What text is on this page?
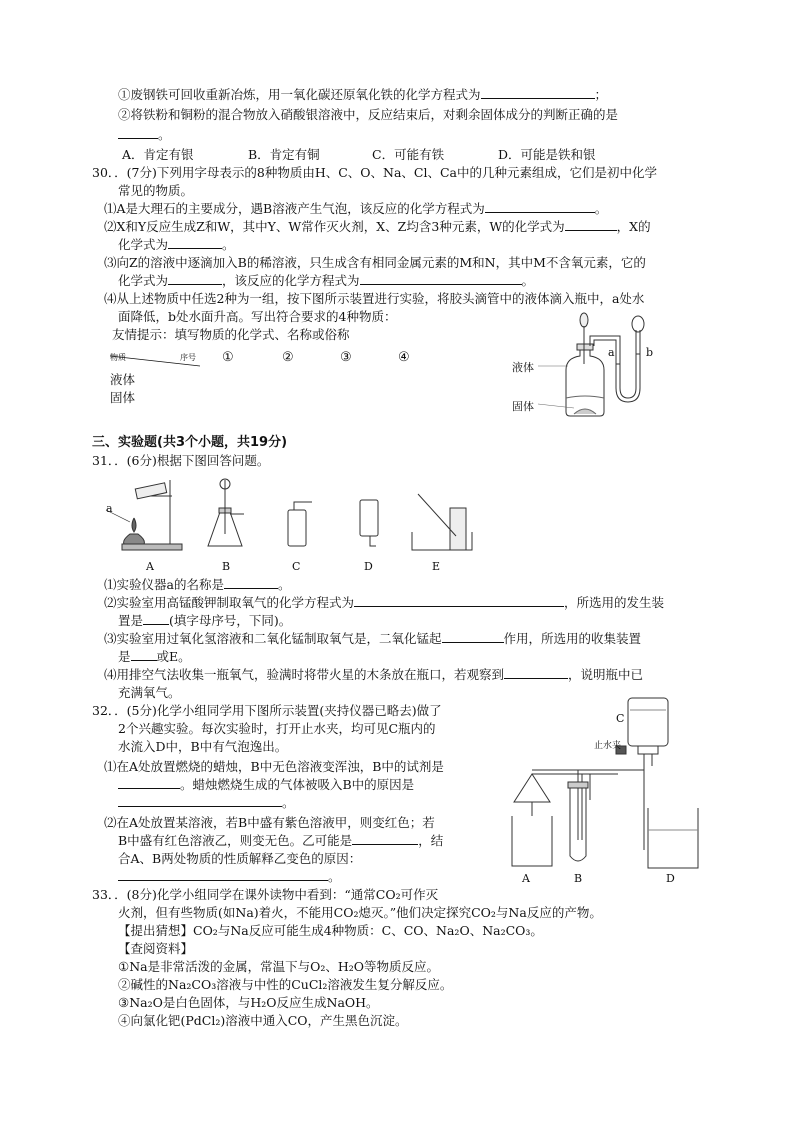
①废钢铁可回收重新冶炼，用一氧化碳还原氧化铁的化学方程式为	；
②将铁粉和铜粉的混合物放入硝酸银溶液中，反应结束后，对剩余固体成分的判断正确的是
。
A．肯定有银	B．肯定有铜	C．可能有铁	D．可能是铁和银
30．．(7分)下列用字母表示的8种物质由H、C、O、Na、Cl、Ca中的几种元素组成，它们是初中化学
常见的物质。
⑴A是大理石的主要成分，遇B溶液产生气泡，该反应的化学方程式为	。
⑵X和Y反应生成Z和W，其中Y、W常作灭火剂，X、Z均含3种元素，W的化学式为	，X的
化学式为	。
⑶向Z的溶液中逐滴加入B的稀溶液，只生成含有相同金属元素的M和N，其中M不含氧元素，它的
化学式为	，该反应的化学方程式为	。
⑷从上述物质中任选2种为一组，按下图所示装置进行实验，将胶头滴管中的液体滴入瓶中，a处水
面降低，b处水面升高。写出符合要求的4种物质：
友情提示：填写物质的化学式、名称或俗称
物质	序号 ①	②	③	④
液体
固体
液体
固体
a	b
三、实验题(共3个小题，共19分)
31．．(6分)根据下图回答问题。
a
A	B	C	D	E
⑴实验仪器a的名称是	。
⑵实验室用高锰酸钾制取氧气的化学方程式为	，所选用的发生装
置是 (填字母序号，下同)。
⑶实验室用过氧化氢溶液和二氧化锰制取氧气是，二氧化锰起	作用，所选用的收集装置
是 或E。
⑷用排空气法收集一瓶氧气，验满时将带火星的木条放在瓶口，若观察到	，说明瓶中已
充满氧气。
32．．(5分)化学小组同学用下图所示装置(夹持仪器已略去)做了
2个兴趣实验。每次实验时，打开止水夹，均可见C瓶内的
水流入D中，B中有气泡逸出。
⑴在A处放置燃烧的蜡烛，B中无色溶液变浑浊，B中的试剂是
。蜡烛燃烧生成的气体被吸入B中的原因是
。
⑵在A处放置某溶液，若B中盛有紫色溶液甲，则变红色；若
B中盛有红色溶液乙，则变无色。乙可能是	，结
合A、B两处物质的性质解释乙变色的原因：
。
C
止水夹
A	B	D
33．．(8分)化学小组同学在课外读物中看到：“通常CO₂可作灭
火剂，但有些物质(如Na)着火，不能用CO₂熄灭。”他们决定探究CO₂与Na反应的产物。
【提出猜想】CO₂与Na反应可能生成4种物质：C、CO、Na₂O、Na₂CO₃。
【查阅资料】
①Na是非常活泼的金属，常温下与O₂、H₂O等物质反应。
②碱性的Na₂CO₃溶液与中性的CuCl₂溶液发生复分解反应。
③Na₂O是白色固体，与H₂O反应生成NaOH。
④向氯化钯(PdCl₂)溶液中通入CO，产生黑色沉淀。
